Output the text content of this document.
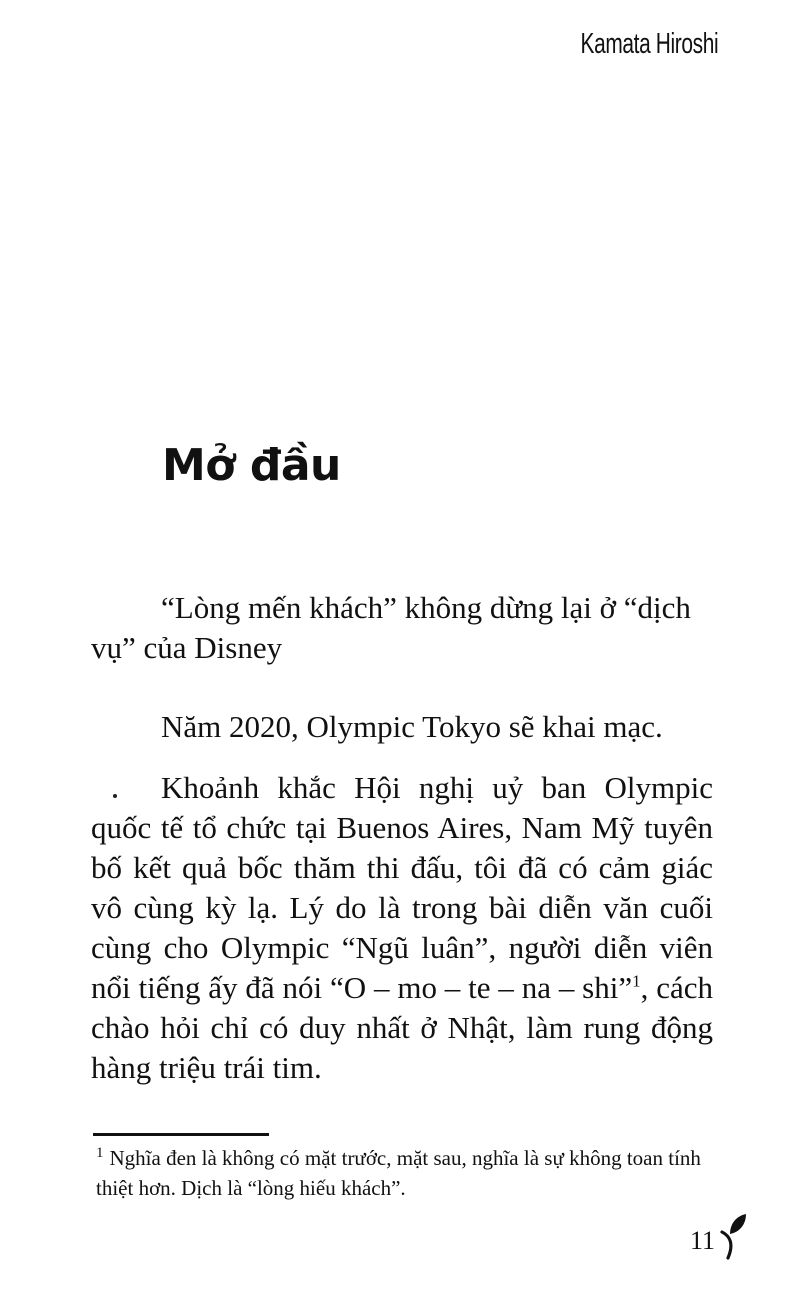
Kamata Hiroshi
Mở đầu

“Lòng mến khách” không dừng lại ở “dịch vụ” của Disney

Năm 2020, Olympic Tokyo sẽ khai mạc.

Khoảnh khắc Hội nghị uỷ ban Olympic quốc tế tổ chức tại Buenos Aires, Nam Mỹ tuyên bố kết quả bốc thăm thi đấu, tôi đã có cảm giác vô cùng kỳ lạ. Lý do là trong bài diễn văn cuối cùng cho Olympic “Ngũ luân”, người diễn viên nổi tiếng ấy đã nói “O – mo – te – na – shi”$^1$, cách chào hỏi chỉ có duy nhất ở Nhật, làm rung động hàng triệu trái tim.

$^1$ Nghĩa đen là không có mặt trước, mặt sau, nghĩa là sự không toan tính thiệt hơn. Dịch là “lòng hiếu khách”.

11
